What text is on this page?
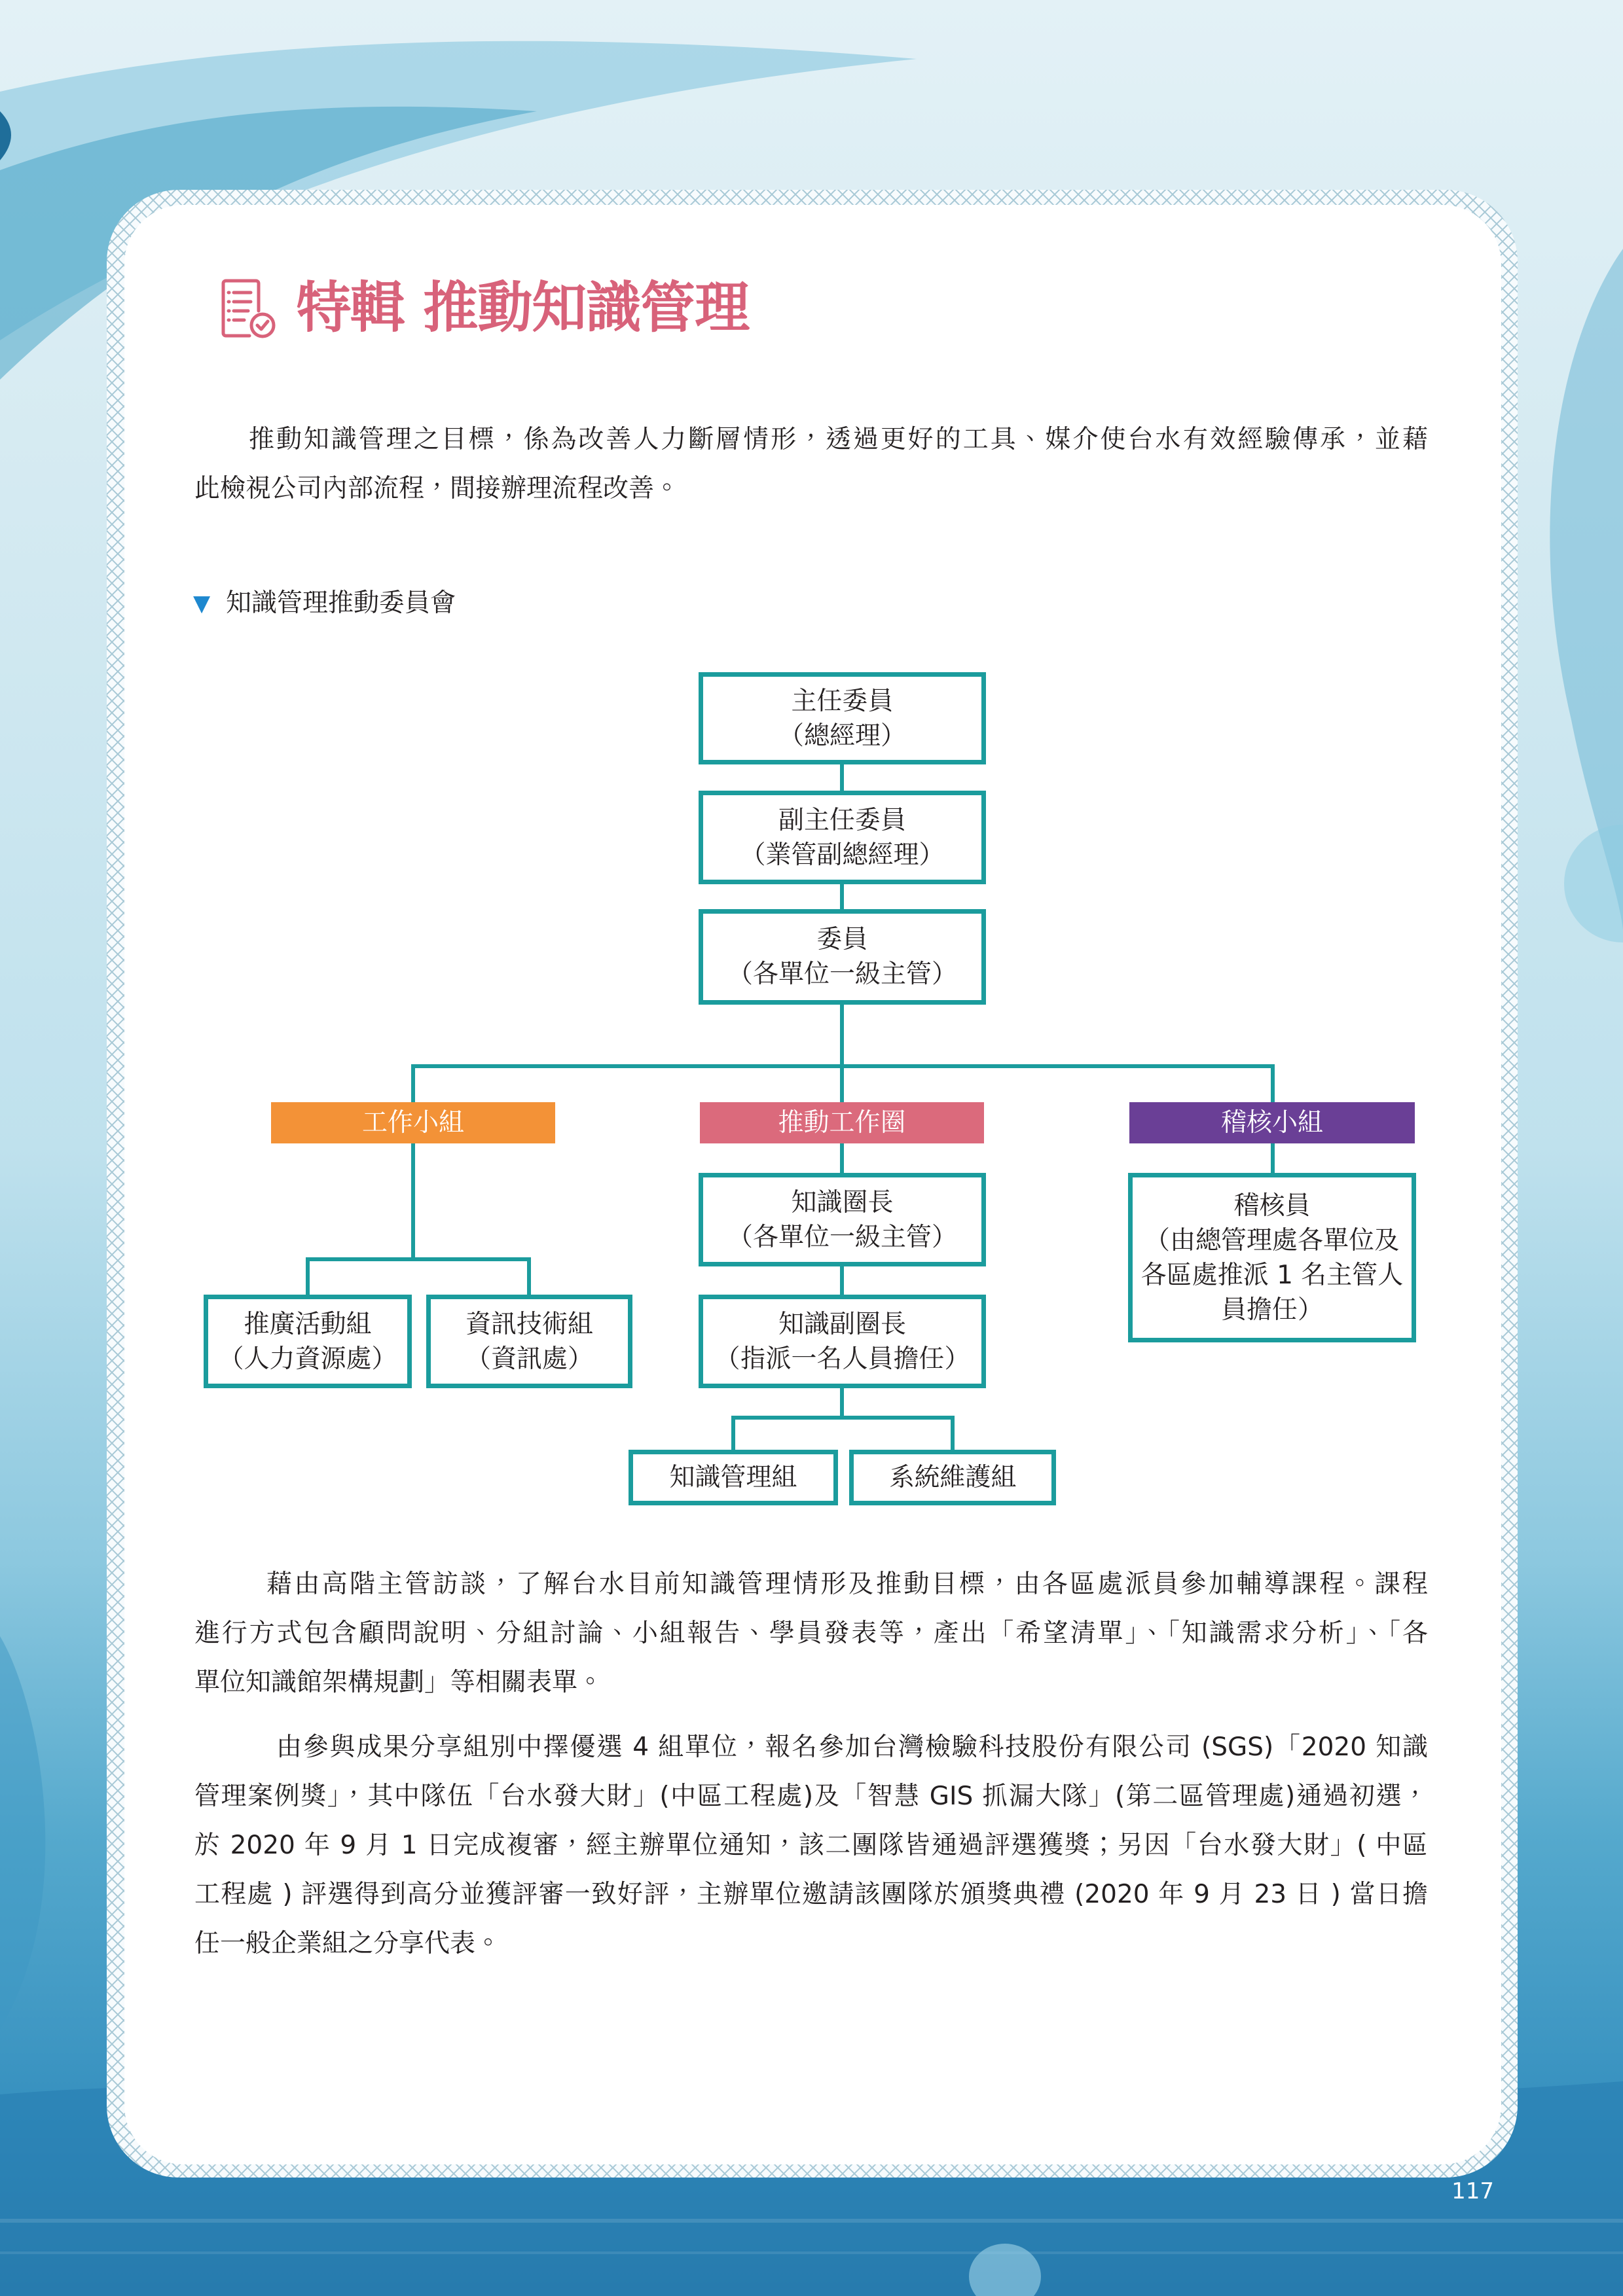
特輯 推動知識管理
推動知識管理之目標，係為改善人力斷層情形，透過更好的工具、媒介使台水有效經驗傳承，並藉
此檢視公司內部流程，間接辦理流程改善。
▼ 知識管理推動委員會
主任委員
（總經理）
副主任委員
（業管副總經理）
委員
（各單位一級主管）
工作小組	推動工作圈	稽核小組
推廣活動組
（人力資源處）
資訊技術組
（資訊處）
知識圈長
（各單位一級主管）
知識副圈長
（指派一名人員擔任）
知識管理組	系統維護組
稽核員
（由總管理處各單位及
各區處推派 1 名主管人
員擔任）
藉由高階主管訪談，了解台水目前知識管理情形及推動目標，由各區處派員參加輔導課程。課程
進行方式包含顧問說明、分組討論、小組報告、學員發表等，產出「希望清單」、「知識需求分析」、「各
單位知識館架構規劃」等相關表單。
由參與成果分享組別中擇優選 4 組單位，報名參加台灣檢驗科技股份有限公司 (SGS)「2020 知識
管理案例獎」，其中隊伍「台水發大財」(中區工程處)及「智慧 GIS 抓漏大隊」(第二區管理處)通過初選，
於 2020 年 9 月 1 日完成複審，經主辦單位通知，該二團隊皆通過評選獲獎；另因「台水發大財」( 中區
工程處 ) 評選得到高分並獲評審一致好評，主辦單位邀請該團隊於頒獎典禮 (2020 年 9 月 23 日 ) 當日擔
任一般企業組之分享代表。
117
